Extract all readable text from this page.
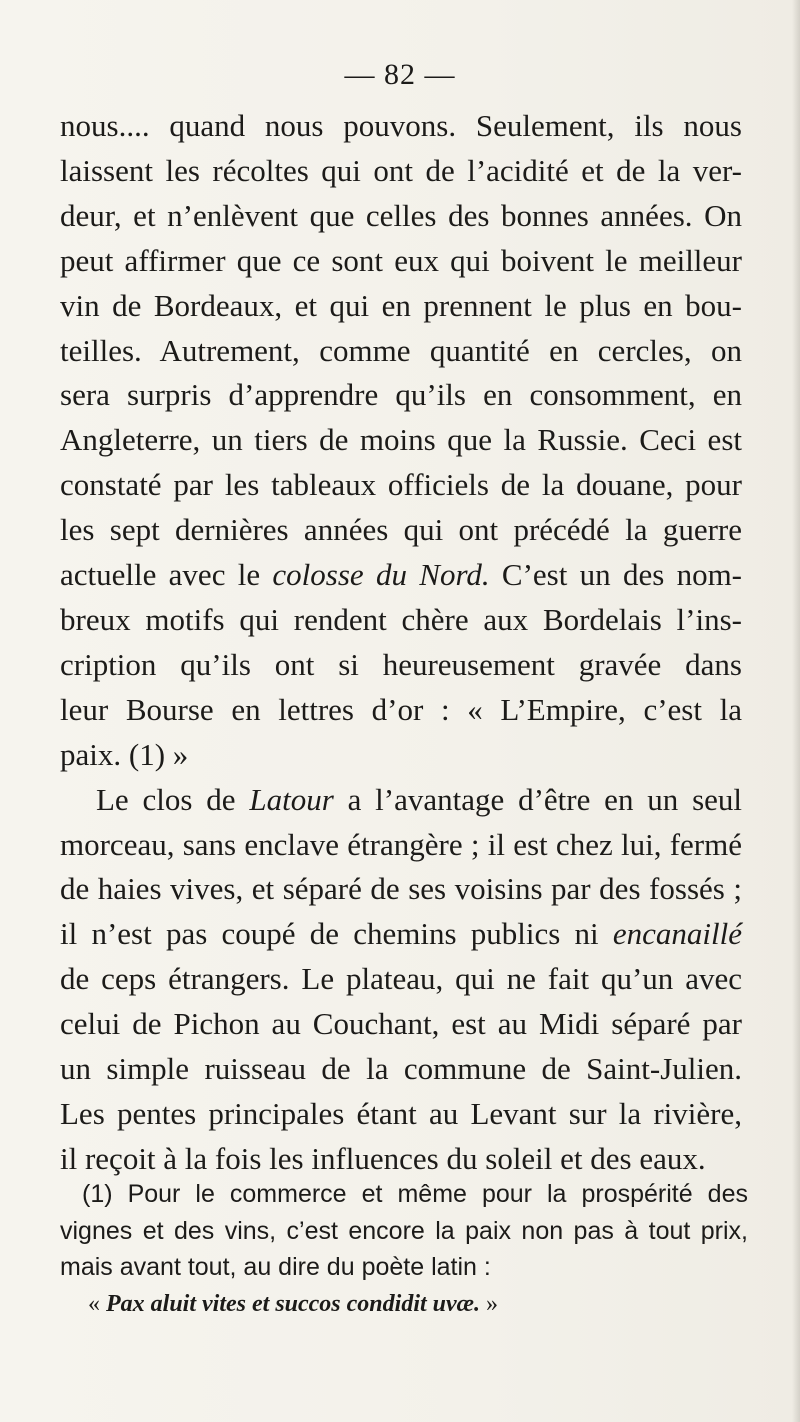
— 82 —
nous.... quand nous pouvons. Seulement, ils nous
laissent les récoltes qui ont de l’acidité et de la ver-
deur, et n’enlèvent que celles des bonnes années. On
peut affirmer que ce sont eux qui boivent le meilleur
vin de Bordeaux, et qui en prennent le plus en bou-
teilles. Autrement, comme quantité en cercles, on
sera surpris d’apprendre qu’ils en consomment, en
Angleterre, un tiers de moins que la Russie. Ceci est
constaté par les tableaux officiels de la douane, pour
les sept dernières années qui ont précédé la guerre
actuelle avec le colosse du Nord. C’est un des nom-
breux motifs qui rendent chère aux Bordelais l’ins-
cription qu’ils ont si heureusement gravée dans
leur Bourse en lettres d’or : « L’Empire, c’est la
paix. (1) »
Le clos de Latour a l’avantage d’être en un seul
morceau, sans enclave étrangère ; il est chez lui, fermé
de haies vives, et séparé de ses voisins par des fossés ;
il n’est pas coupé de chemins publics ni encanaillé
de ceps étrangers. Le plateau, qui ne fait qu’un avec
celui de Pichon au Couchant, est au Midi séparé par
un simple ruisseau de la commune de Saint-Julien.
Les pentes principales étant au Levant sur la rivière,
il reçoit à la fois les influences du soleil et des eaux.
(1) Pour le commerce et même pour la prospérité des
vignes et des vins, c’est encore la paix non pas à tout prix,
mais avant tout, au dire du poète latin :
« Pax aluit vites et succos condidit uvæ. »
